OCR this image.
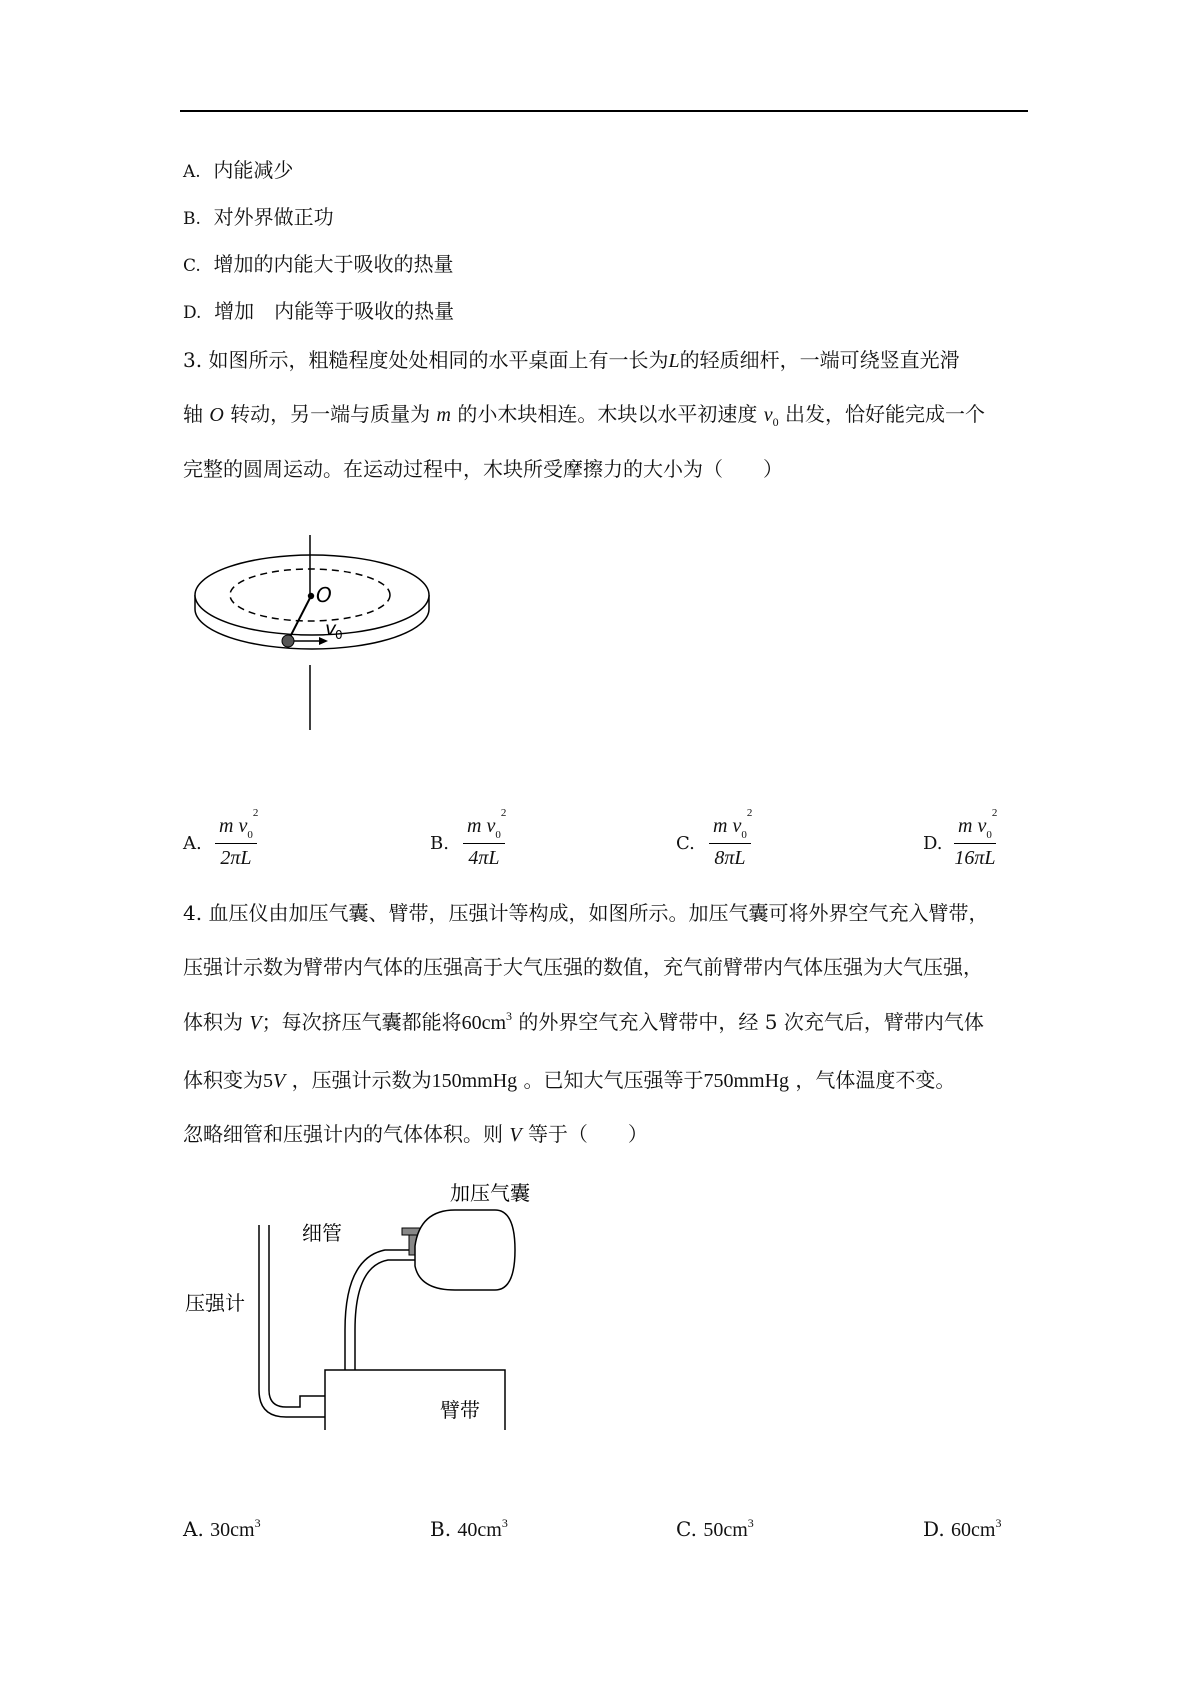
A. 内能减少
B. 对外界做正功
C. 增加的内能大于吸收的热量
D. 增加　内能等于吸收的热量
3. 如图所示，粗糙程度处处相同的水平桌面上有一长为L的轻质细杆，一端可绕竖直光滑
轴 O 转动，另一端与质量为 m 的小木块相连。木块以水平初速度 $v_0$ 出发，恰好能完成一个
完整的圆周运动。在运动过程中，木块所受摩擦力的大小为（　　）
O
v
0
A. m $v_0$
2
2πL	B. m $v_0$
2
4πL	C. m $v_0$
2
8πL	D. m $v_0$
2
16πL
4. 血压仪由加压气囊、臂带，压强计等构成，如图所示。加压气囊可将外界空气充入臂带，
压强计示数为臂带内气体的压强高于大气压强的数值，充气前臂带内气体压强为大气压强，
体积为 V；每次挤压气囊都能将$60cm^3$ 的外界空气充入臂带中，经 5 次充气后，臂带内气体
体积变为5V ，压强计示数为150mmHg 。已知大气压强等于750mmHg ，气体温度不变。
忽略细管和压强计内的气体体积。则 V 等于（　　）
加压气囊
细管
压强计
臂带
A. $30cm^3$	B. $40cm^3$	C. $50cm^3$	D. $60cm^3$
